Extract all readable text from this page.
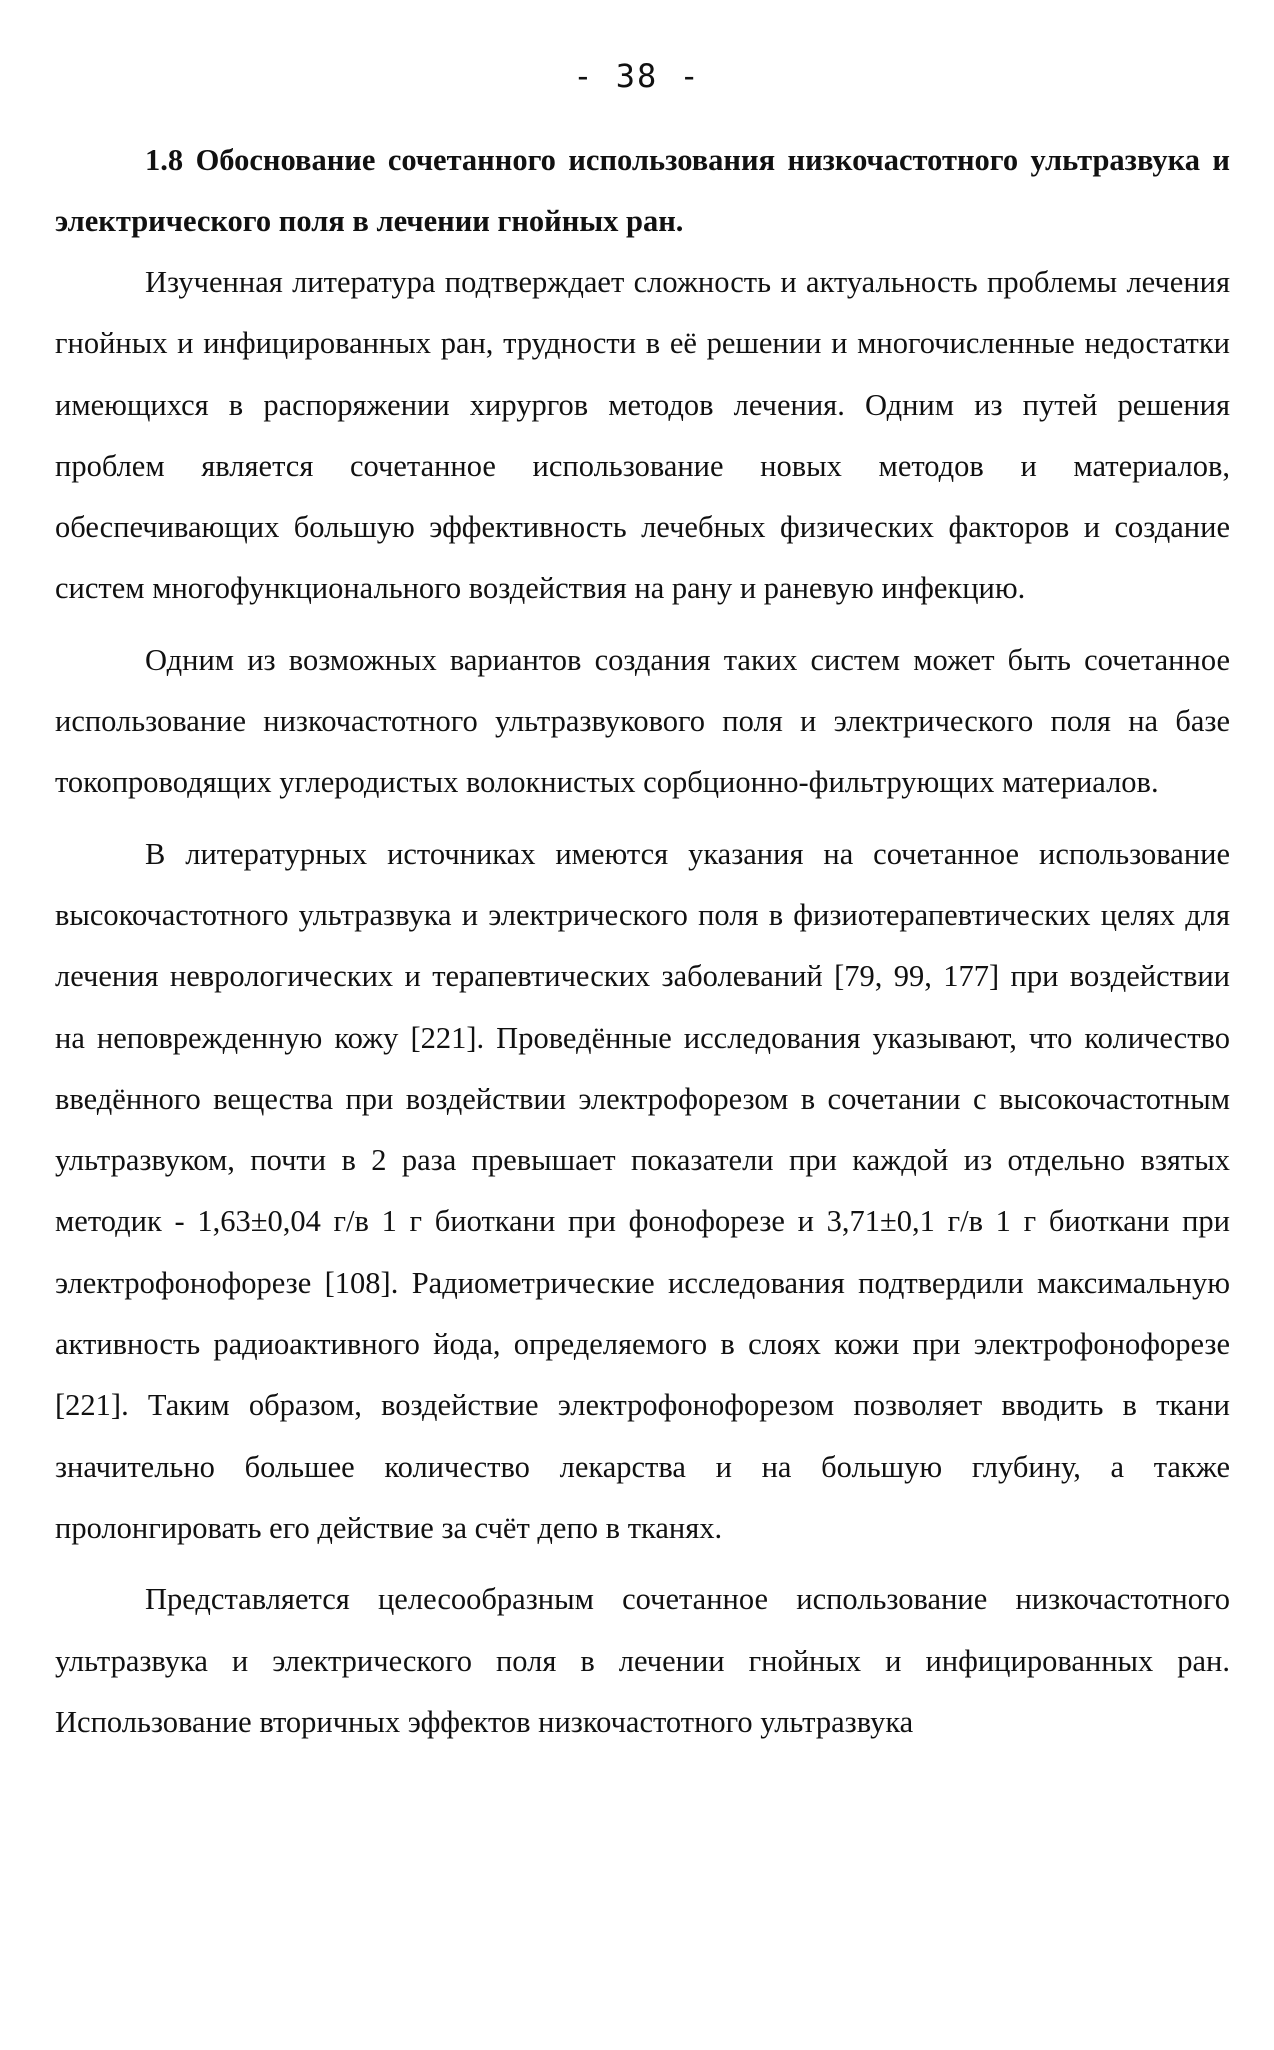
- 38 -

1.8 Обоснование сочетанного использования низкочастотного ультразвука и электрического поля в лечении гнойных ран.

Изученная литература подтверждает сложность и актуальность проблемы лечения гнойных и инфицированных ран, трудности в её решении и многочисленные недостатки имеющихся в распоряжении хирургов методов лечения. Одним из путей решения проблем является сочетанное использование новых методов и материалов, обеспечивающих большую эффективность лечебных физических факторов и создание систем многофункционального воздействия на рану и раневую инфекцию.

Одним из возможных вариантов создания таких систем может быть сочетанное использование низкочастотного ультразвукового поля и электрического поля на базе токопроводящих углеродистых волокнистых сорбционно-фильтрующих материалов.

В литературных источниках имеются указания на сочетанное использование высокочастотного ультразвука и электрического поля в физиотерапевтических целях для лечения неврологических и терапевтических заболеваний [79, 99, 177] при воздействии на неповрежденную кожу [221]. Проведённые исследования указывают, что количество введённого вещества при воздействии электрофорезом в сочетании с высокочастотным ультразвуком, почти в 2 раза превышает показатели при каждой из отдельно взятых методик - 1,63±0,04 г/в 1 г биоткани при фонофорезе и 3,71±0,1 г/в 1 г биоткани при электрофонофорезе [108]. Радиометрические исследования подтвердили максимальную активность радиоактивного йода, определяемого в слоях кожи при электрофонофорезе [221]. Таким образом, воздействие электрофонофорезом позволяет вводить в ткани значительно большее количество лекарства и на большую глубину, а также пролонгировать его действие за счёт депо в тканях.

Представляется целесообразным сочетанное использование низкочастотного ультразвука и электрического поля в лечении гнойных и инфицированных ран. Использование вторичных эффектов низкочастотного ультразвука
